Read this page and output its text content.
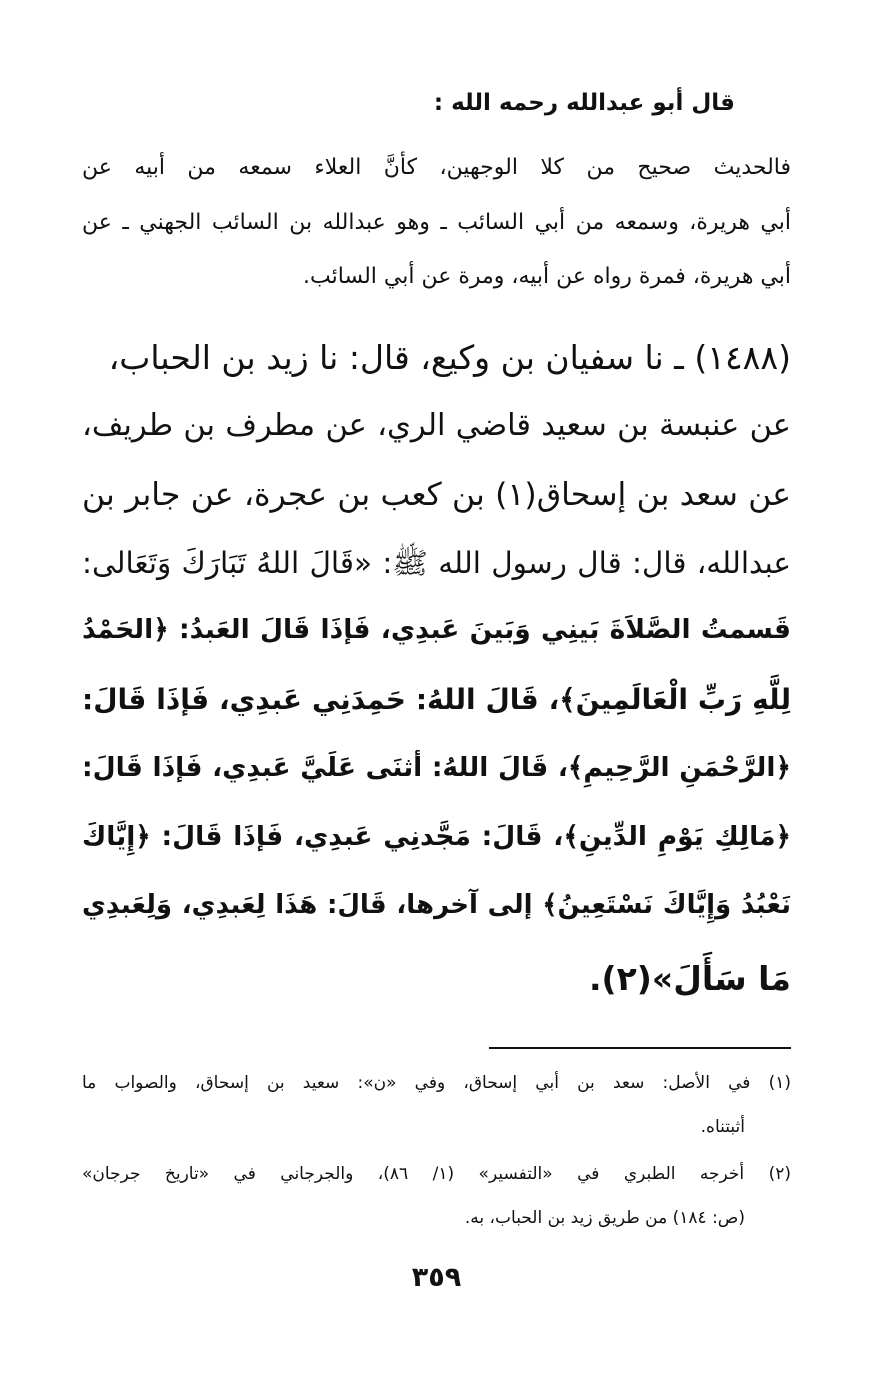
قال أبو عبدالله رحمه الله :
فالحديث صحيح من كلا الوجهين، كأنَّ العلاء سمعه من أبيه عن
أبي هريرة، وسمعه من أبي السائب ـ وهو عبدالله بن السائب الجهني ـ عن
أبي هريرة، فمرة رواه عن أبيه، ومرة عن أبي السائب.
(١٤٨٨) ـ نا سفيان بن وكيع، قال: نا زيد بن الحباب،
عن عنبسة بن سعيد قاضي الري، عن مطرف بن طريف،
عن سعد بن إسحاق(١) بن كعب بن عجرة، عن جابر بن
عبدالله، قال: قال رسول الله ﷺ: «قَالَ اللهُ تَبَارَكَ وَتَعَالى:
قَسمتُ الصَّلاَةَ بَينِي وَبَينَ عَبدِي، فَإذَا قَالَ العَبدُ: ﴿الحَمْدُ
لِلَّهِ رَبِّ الْعَالَمِينَ﴾، قَالَ اللهُ: حَمِدَنِي عَبدِي، فَإذَا قَالَ:
﴿الرَّحْمَنِ الرَّحِيمِ﴾، قَالَ اللهُ: أثنَى عَلَيَّ عَبدِي، فَإذَا قَالَ:
﴿مَالِكِ يَوْمِ الدِّينِ﴾، قَالَ: مَجَّدنِي عَبدِي، فَإذَا قَالَ: ﴿إِيَّاكَ
نَعْبُدُ وَإِيَّاكَ نَسْتَعِينُ﴾ إلى آخرها، قَالَ: هَذَا لِعَبدِي، وَلِعَبدِي
مَا سَأَلَ»(٢).
(١) في الأصل: سعد بن أبي إسحاق، وفي «ن»: سعيد بن إسحاق، والصواب ما
أثبتناه.
(٢) أخرجه الطبري في «التفسير» (١/ ٨٦)، والجرجاني في «تاريخ جرجان»
(ص: ١٨٤) من طريق زيد بن الحباب، به.
٣٥٩
